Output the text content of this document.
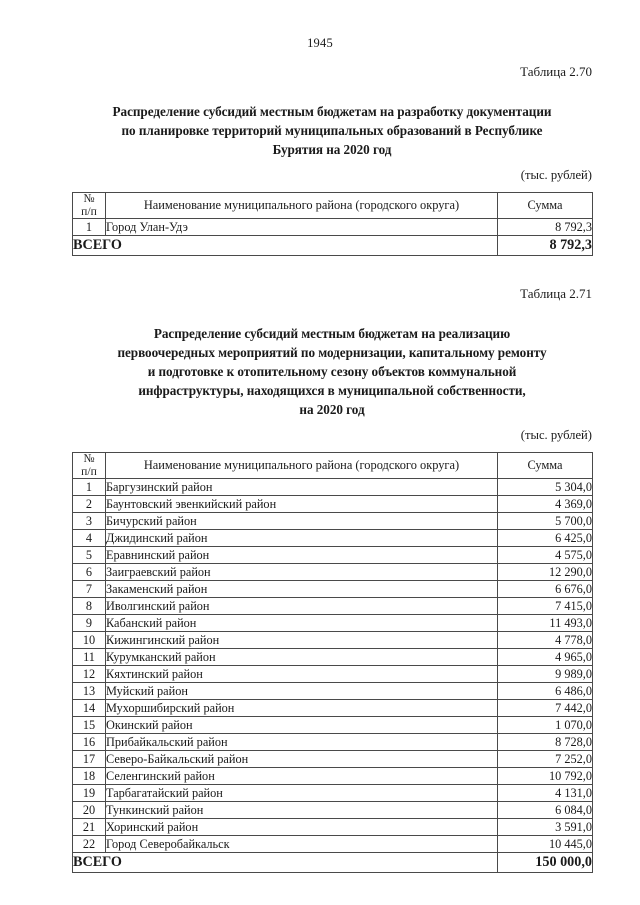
1945

Таблица 2.70

Распределение субсидий местным бюджетам на разработку документации
по планировке территорий муниципальных образований в Республике
Бурятия на 2020 год

(тыс. рублей)

№
п/п	Наименование муниципального района (городского округа)	Сумма
1	Город Улан-Удэ	8 792,3
ВСЕГО		8 792,3

Таблица 2.71

Распределение субсидий местным бюджетам на реализацию
первоочередных мероприятий по модернизации, капитальному ремонту
и подготовке к отопительному сезону объектов коммунальной
инфраструктуры, находящихся в муниципальной собственности,
на 2020 год

(тыс. рублей)

№
п/п	Наименование муниципального района (городского округа)	Сумма
1	Баргузинский район	5 304,0
2	Баунтовский эвенкийский район	4 369,0
3	Бичурский район	5 700,0
4	Джидинский район	6 425,0
5	Еравнинский район	4 575,0
6	Заиграевский район	12 290,0
7	Закаменский район	6 676,0
8	Иволгинский район	7 415,0
9	Кабанский район	11 493,0
10	Кижингинский район	4 778,0
11	Курумканский район	4 965,0
12	Кяхтинский район	9 989,0
13	Муйский район	6 486,0
14	Мухоршибирский район	7 442,0
15	Окинский район	1 070,0
16	Прибайкальский район	8 728,0
17	Северо-Байкальский район	7 252,0
18	Селенгинский район	10 792,0
19	Тарбагатайский район	4 131,0
20	Тункинский район	6 084,0
21	Хоринский район	3 591,0
22	Город Северобайкальск	10 445,0
ВСЕГО		150 000,0
